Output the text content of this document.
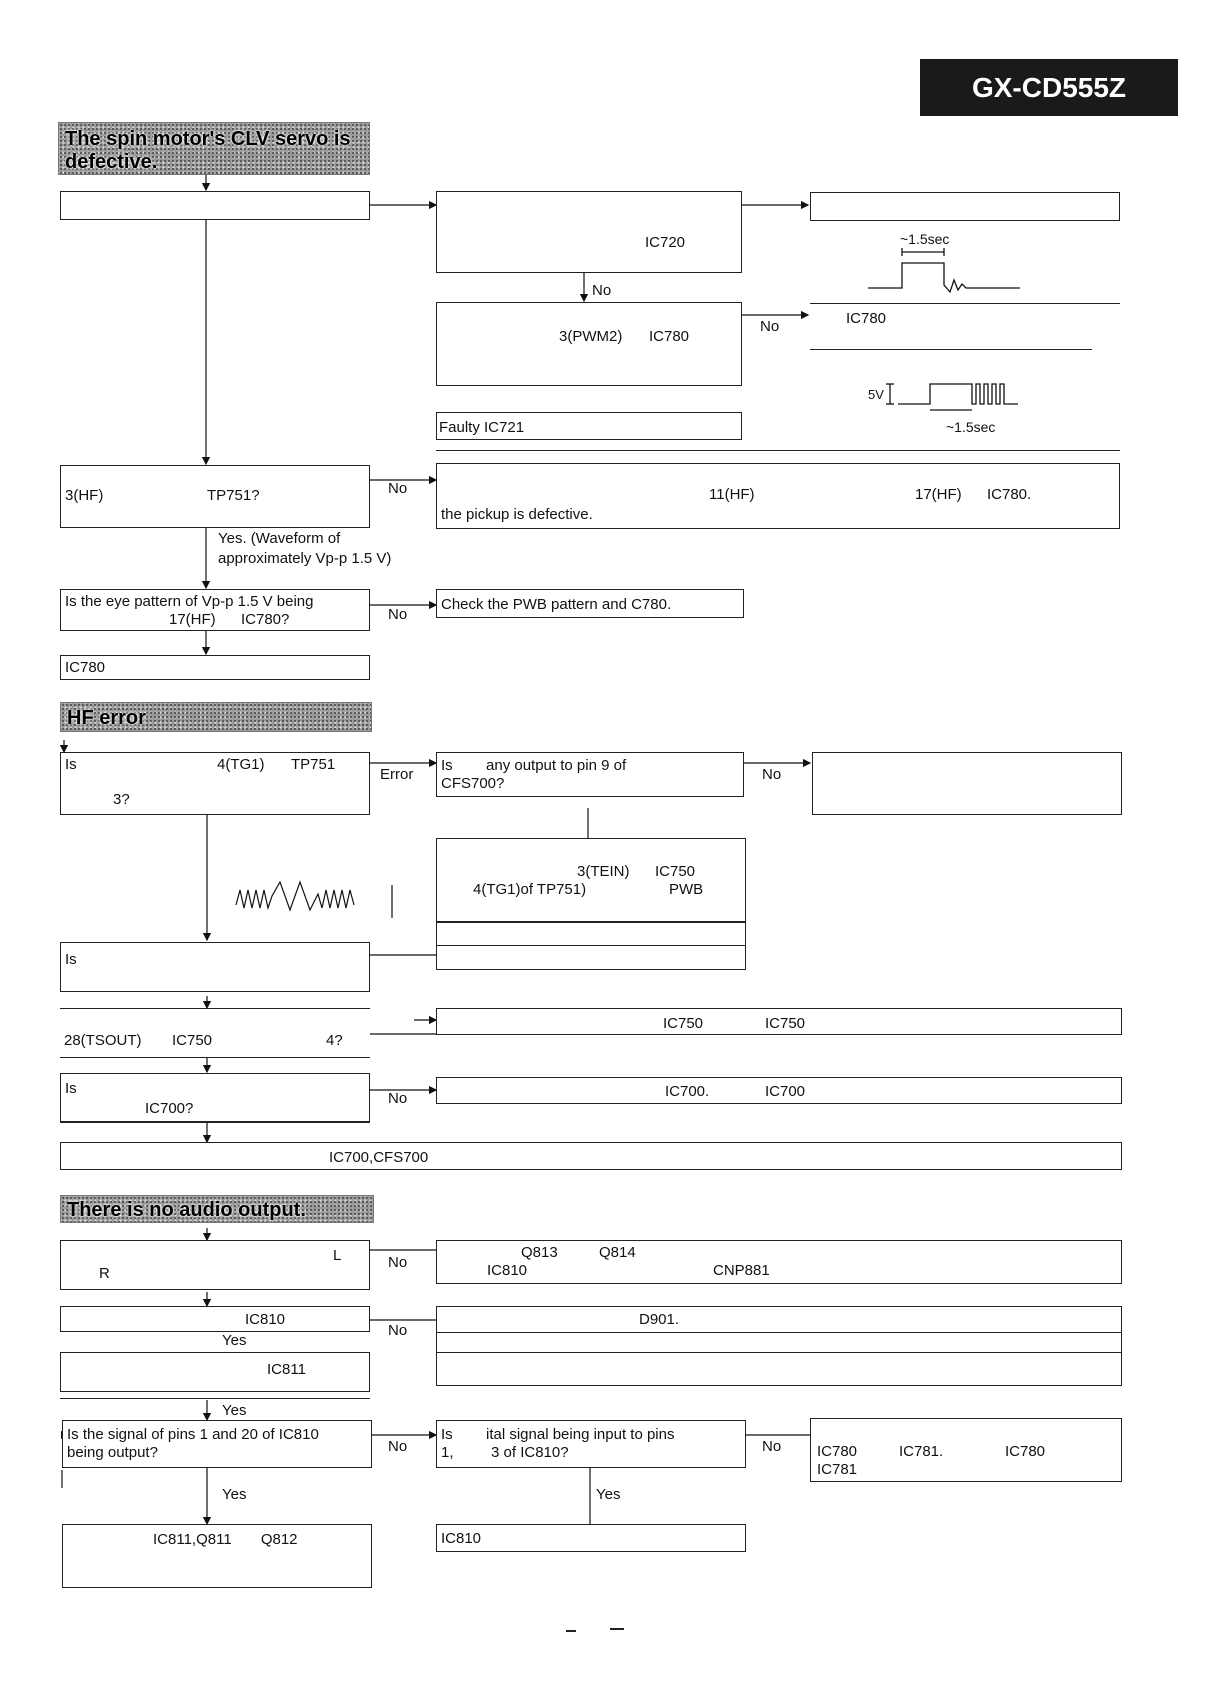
GX-CD555Z
The spin motor's CLV servo is
defective.
IC720	~1.5sec
No
3(PWM2) IC780
No	IC780
5V
~1.5sec
Faulty IC721
3(HF)	TP751?	No	11(HF)	17(HF) IC780.
the pickup is defective.
Yes. (Waveform of
approximately Vp-p 1.5 V)
Is the eye pattern of Vp-p 1.5 V being
17(HF) IC780?	No
Check the PWB pattern and C780.
IC780
HF error
Is	4(TG1) TP751
3?
Error
Is        any output to pin 9 of
CFS700?
No
3(TEIN) IC750
4(TG1)of TP751)	PWB
Is
28(TSOUT) IC750	4?
IC750	IC750
Is
IC700?
No	IC700.	IC700
IC700,CFS700
There is no audio output.
L
R
No
Q813	Q814
IC810	CNP881
IC810
No
D901.
Yes
IC811
Yes
Is the signal of pins 1 and 20 of IC810
being output?	No
Is        ital signal being input to pins
1,         3 of IC810?	No IC780	IC781.	IC780
IC781
Yes	Yes
IC811,Q811       Q812	IC810
